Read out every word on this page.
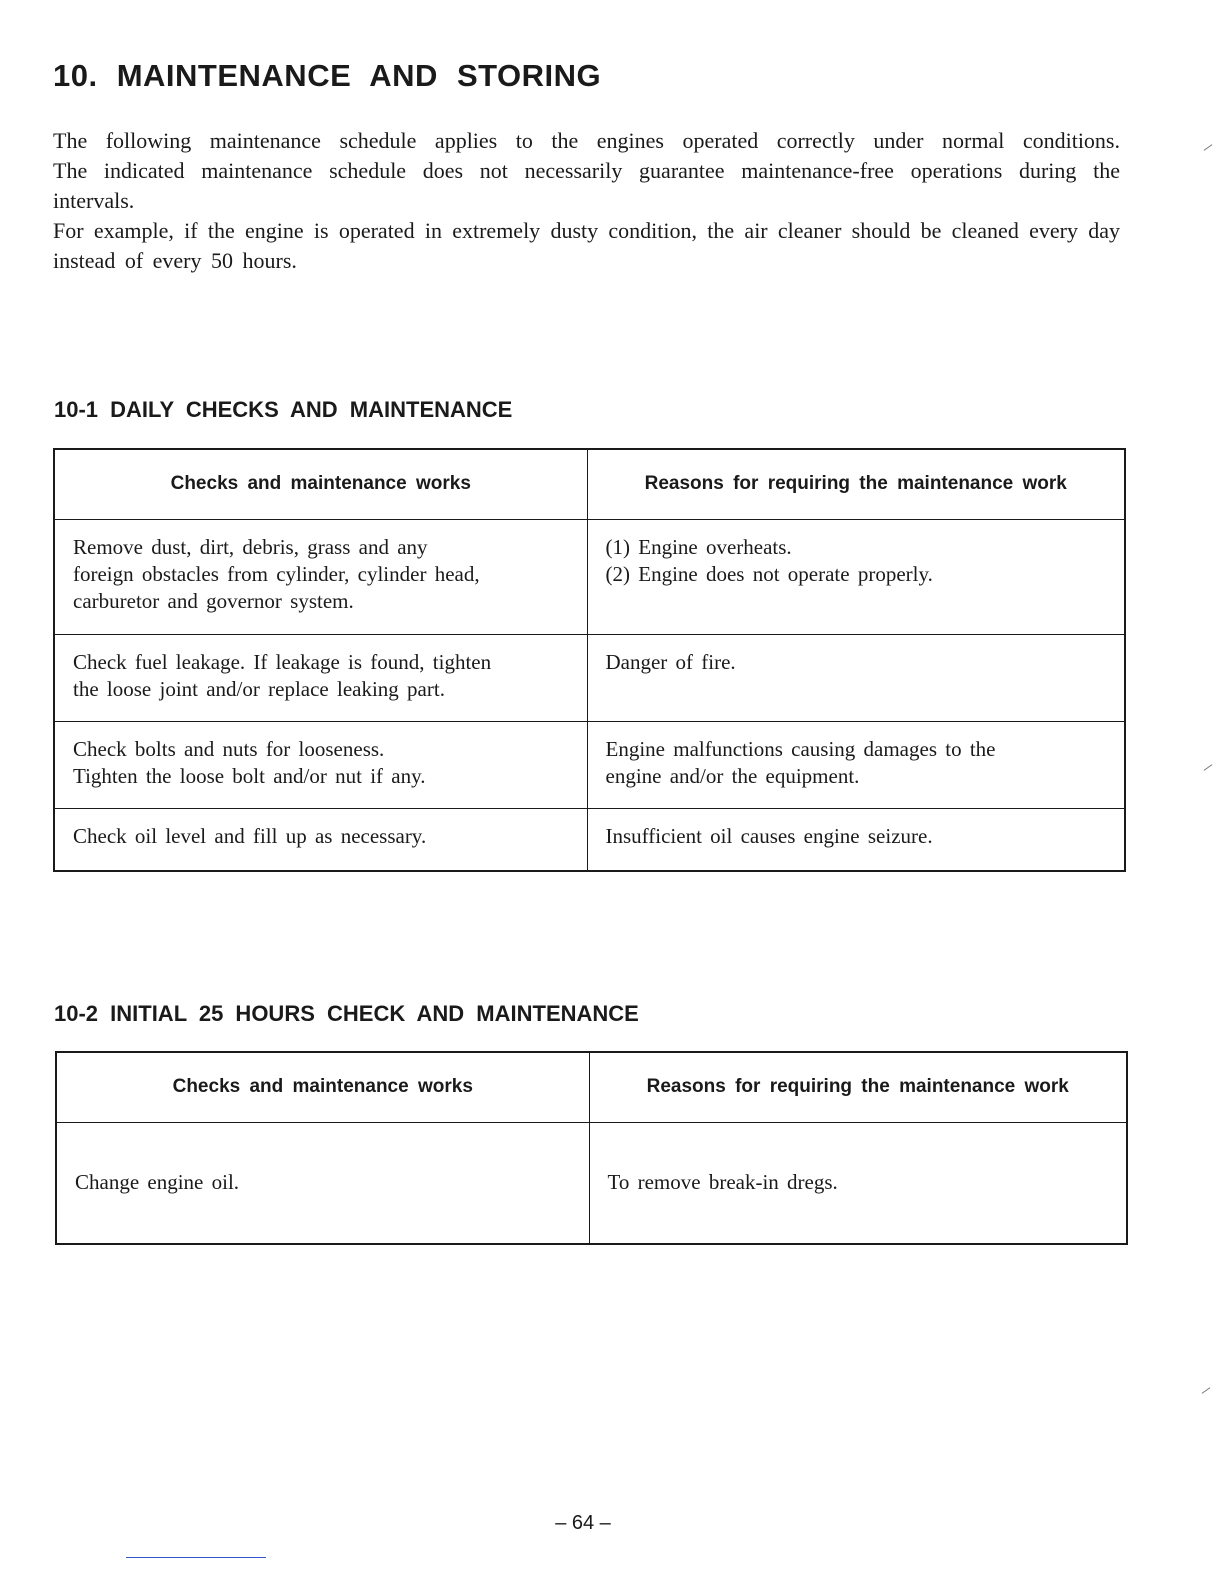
10. MAINTENANCE AND STORING

The following maintenance schedule applies to the engines operated correctly under normal conditions.

The indicated maintenance schedule does not necessarily guarantee maintenance-free operations during the intervals.

For example, if the engine is operated in extremely dusty condition, the air cleaner should be cleaned every day instead of every 50 hours.

10-1 DAILY CHECKS AND MAINTENANCE
Checks and maintenance works	Reasons for requiring the maintenance work

Remove dust, dirt, debris, grass and any
foreign obstacles from cylinder, cylinder head,
carburetor and governor system.	(1) Engine overheats.
(2) Engine does not operate properly.

Check fuel leakage. If leakage is found, tighten
the loose joint and/or replace leaking part.	Danger of fire.

Check bolts and nuts for looseness.
Tighten the loose bolt and/or nut if any.	Engine malfunctions causing damages to the
engine and/or the equipment.

Check oil level and fill up as necessary.	Insufficient oil causes engine seizure.
10-2 INITIAL 25 HOURS CHECK AND MAINTENANCE
Checks and maintenance works	Reasons for requiring the maintenance work

Change engine oil.	To remove break-in dregs.
– 64 –
